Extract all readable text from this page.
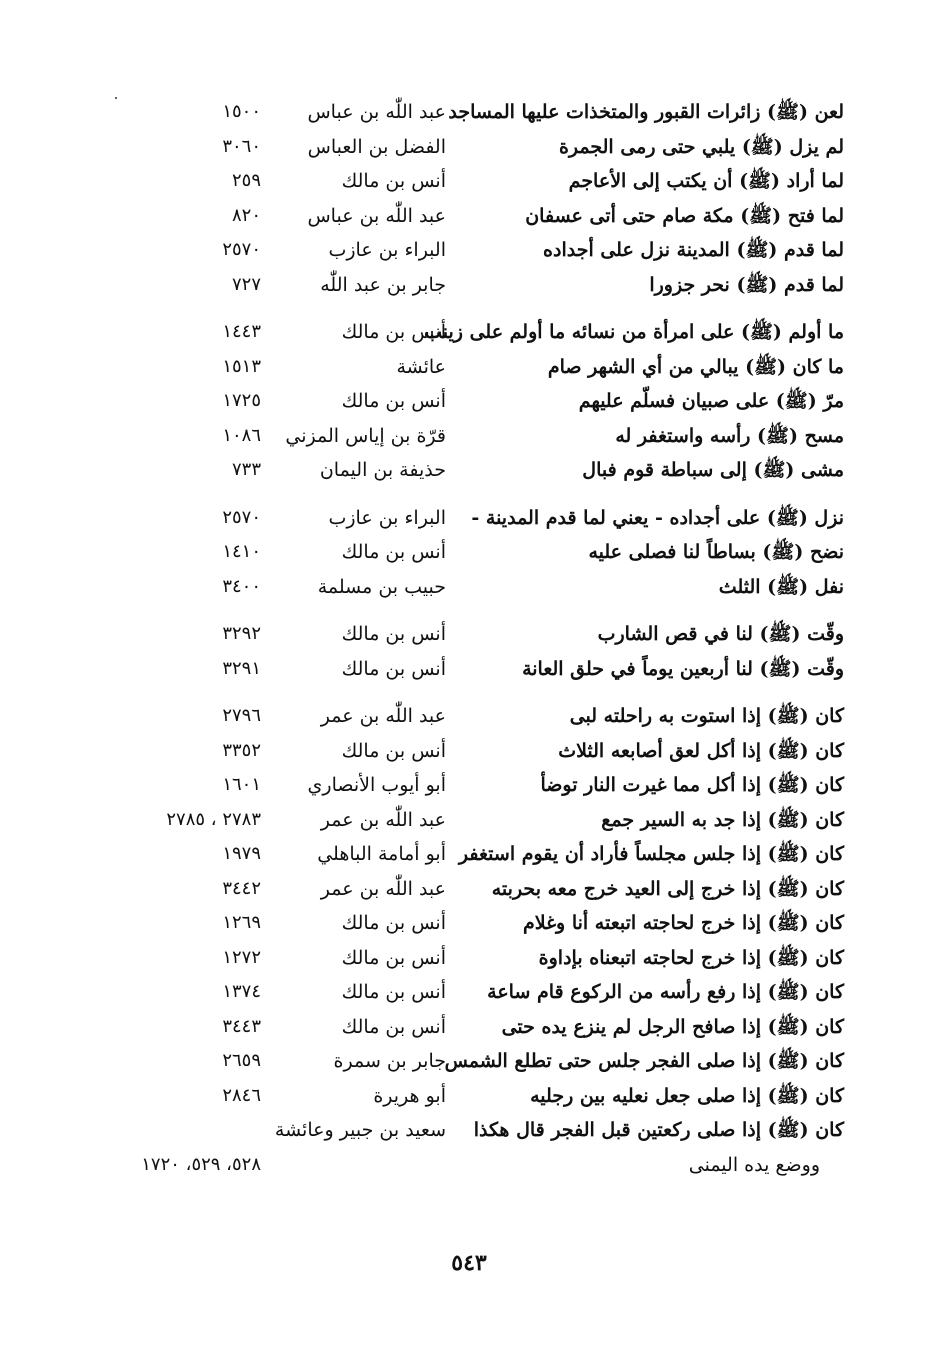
لعن (ﷺ) زائرات القبور والمتخذات عليها المساجد
عبد اللّٰه بن عباس
١٥٠٠
لم يزل (ﷺ) يلبي حتى رمى الجمرة
الفضل بن العباس
٣٠٦٠
لما أراد (ﷺ) أن يكتب إلى الأعاجم
أنس بن مالك
٢٥٩
لما فتح (ﷺ) مكة صام حتى أتى عسفان
عبد اللّٰه بن عباس
٨٢٠
لما قدم (ﷺ) المدينة نزل على أجداده
البراء بن عازب
٢٥٧٠
لما قدم (ﷺ) نحر جزورا
جابر بن عبد اللّٰه
٧٢٧
ما أولم (ﷺ) على امرأة من نسائه ما أولم على زينب
أنس بن مالك
١٤٤٣
ما كان (ﷺ) يبالي من أي الشهر صام
عائشة
١٥١٣
مرّ (ﷺ) على صبيان فسلّم عليهم
أنس بن مالك
١٧٢٥
مسح (ﷺ) رأسه واستغفر له
قرّة بن إياس المزني
١٠٨٦
مشى (ﷺ) إلى سباطة قوم فبال
حذيفة بن اليمان
٧٣٣
نزل (ﷺ) على أجداده - يعني لما قدم المدينة -
البراء بن عازب
٢٥٧٠
نضح (ﷺ) بساطاً لنا فصلى عليه
أنس بن مالك
١٤١٠
نفل (ﷺ) الثلث
حبيب بن مسلمة
٣٤٠٠
وقّت (ﷺ) لنا في قص الشارب
أنس بن مالك
٣٢٩٢
وقّت (ﷺ) لنا أربعين يوماً في حلق العانة
أنس بن مالك
٣٢٩١
كان (ﷺ) إذا استوت به راحلته لبى
عبد اللّٰه بن عمر
٢٧٩٦
كان (ﷺ) إذا أكل لعق أصابعه الثلاث
أنس بن مالك
٣٣٥٢
كان (ﷺ) إذا أكل مما غيرت النار توضأ
أبو أيوب الأنصاري
١٦٠١
كان (ﷺ) إذا جد به السير جمع
عبد اللّٰه بن عمر
٢٧٨٣ ، ٢٧٨٥
كان (ﷺ) إذا جلس مجلساً فأراد أن يقوم استغفر
أبو أمامة الباهلي
١٩٧٩
كان (ﷺ) إذا خرج إلى العيد خرج معه بحربته
عبد اللّٰه بن عمر
٣٤٤٢
كان (ﷺ) إذا خرج لحاجته اتبعته أنا وغلام
أنس بن مالك
١٢٦٩
كان (ﷺ) إذا خرج لحاجته اتبعناه بإداوة
أنس بن مالك
١٢٧٢
كان (ﷺ) إذا رفع رأسه من الركوع قام ساعة
أنس بن مالك
١٣٧٤
كان (ﷺ) إذا صافح الرجل لم ينزع يده حتى
أنس بن مالك
٣٤٤٣
كان (ﷺ) إذا صلى الفجر جلس حتى تطلع الشمس
جابر بن سمرة
٢٦٥٩
كان (ﷺ) إذا صلى جعل نعليه بين رجليه
أبو هريرة
٢٨٤٦
كان (ﷺ) إذا صلى ركعتين قبل الفجر قال هكذا
سعيد بن جبير وعائشة
ووضع يده اليمنى
٥٢٨، ٥٢٩، ١٧٢٠
٥٤٣
